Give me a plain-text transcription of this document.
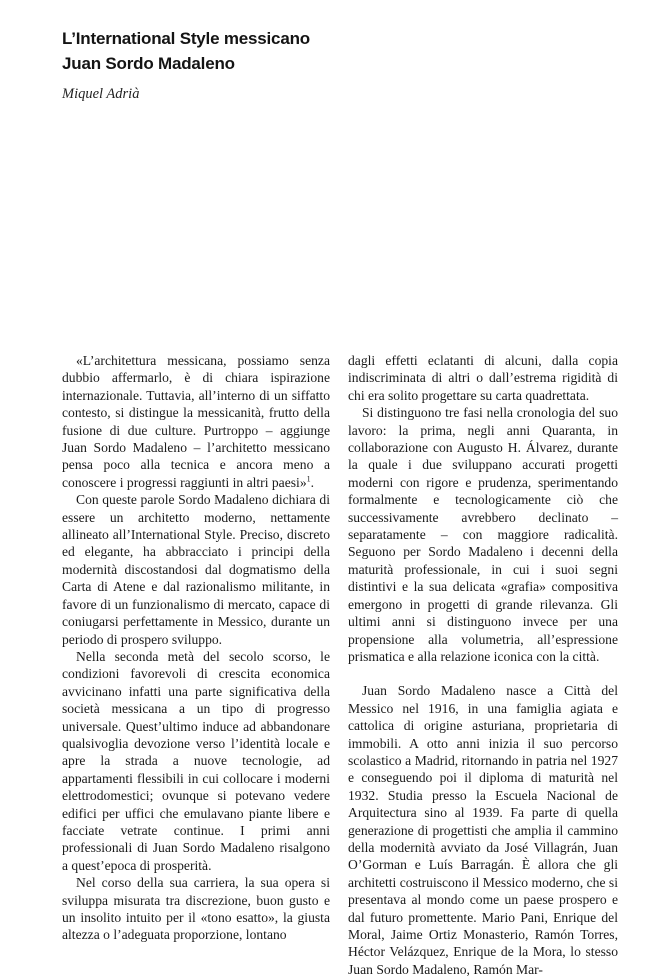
L’International Style messicano
Juan Sordo Madaleno
Miquel Adrià

«L’architettura messicana, possiamo senza dubbio affermarlo, è di chiara ispirazione internazionale. Tuttavia, all’interno di un siffatto contesto, si distingue la messicanità, frutto della fusione di due culture. Purtroppo – aggiunge Juan Sordo Madaleno – l’architetto messicano pensa poco alla tecnica e ancora meno a conoscere i progressi raggiunti in altri paesi»$^1$.

Con queste parole Sordo Madaleno dichiara di essere un architetto moderno, nettamente allineato all’International Style. Preciso, discreto ed elegante, ha abbracciato i principi della modernità discostandosi dal dogmatismo della Carta di Atene e dal razionalismo militante, in favore di un funzionalismo di mercato, capace di coniugarsi perfettamente in Messico, durante un periodo di prospero sviluppo.

Nella seconda metà del secolo scorso, le condizioni favorevoli di crescita economica avvicinano infatti una parte significativa della società messicana a un tipo di progresso universale. Quest’ultimo induce ad abbandonare qualsivoglia devozione verso l’identità locale e apre la strada a nuove tecnologie, ad appartamenti flessibili in cui collocare i moderni elettrodomestici; ovunque si potevano vedere edifici per uffici che emulavano piante libere e facciate vetrate continue. I primi anni professionali di Juan Sordo Madaleno risalgono a quest’epoca di prosperità.

Nel corso della sua carriera, la sua opera si sviluppa misurata tra discrezione, buon gusto e un insolito intuito per il «tono esatto», la giusta altezza o l’adeguata proporzione, lontano

dagli effetti eclatanti di alcuni, dalla copia indiscriminata di altri o dall’estrema rigidità di chi era solito progettare su carta quadrettata.

Si distinguono tre fasi nella cronologia del suo lavoro: la prima, negli anni Quaranta, in collaborazione con Augusto H. Álvarez, durante la quale i due sviluppano accurati progetti moderni con rigore e prudenza, sperimentando formalmente e tecnologicamente ciò che successivamente avrebbero declinato – separatamente – con maggiore radicalità. Seguono per Sordo Madaleno i decenni della maturità professionale, in cui i suoi segni distintivi e la sua delicata «grafia» compositiva emergono in progetti di grande rilevanza. Gli ultimi anni si distinguono invece per una propensione alla volumetria, all’espressione prismatica e alla relazione iconica con la città.

Juan Sordo Madaleno nasce a Città del Messico nel 1916, in una famiglia agiata e cattolica di origine asturiana, proprietaria di immobili. A otto anni inizia il suo percorso scolastico a Madrid, ritornando in patria nel 1927 e conseguendo poi il diploma di maturità nel 1932. Studia presso la Escuela Nacional de Arquitectura sino al 1939. Fa parte di quella generazione di progettisti che amplia il cammino della modernità avviato da José Villagrán, Juan O’Gorman e Luís Barragán. È allora che gli architetti costruiscono il Messico moderno, che si presentava al mondo come un paese prospero e dal futuro promettente. Mario Pani, Enrique del Moral, Jaime Ortiz Monasterio, Ramón Torres, Héctor Velázquez, Enrique de la Mora, lo stesso Juan Sordo Madaleno, Ramón Mar-
